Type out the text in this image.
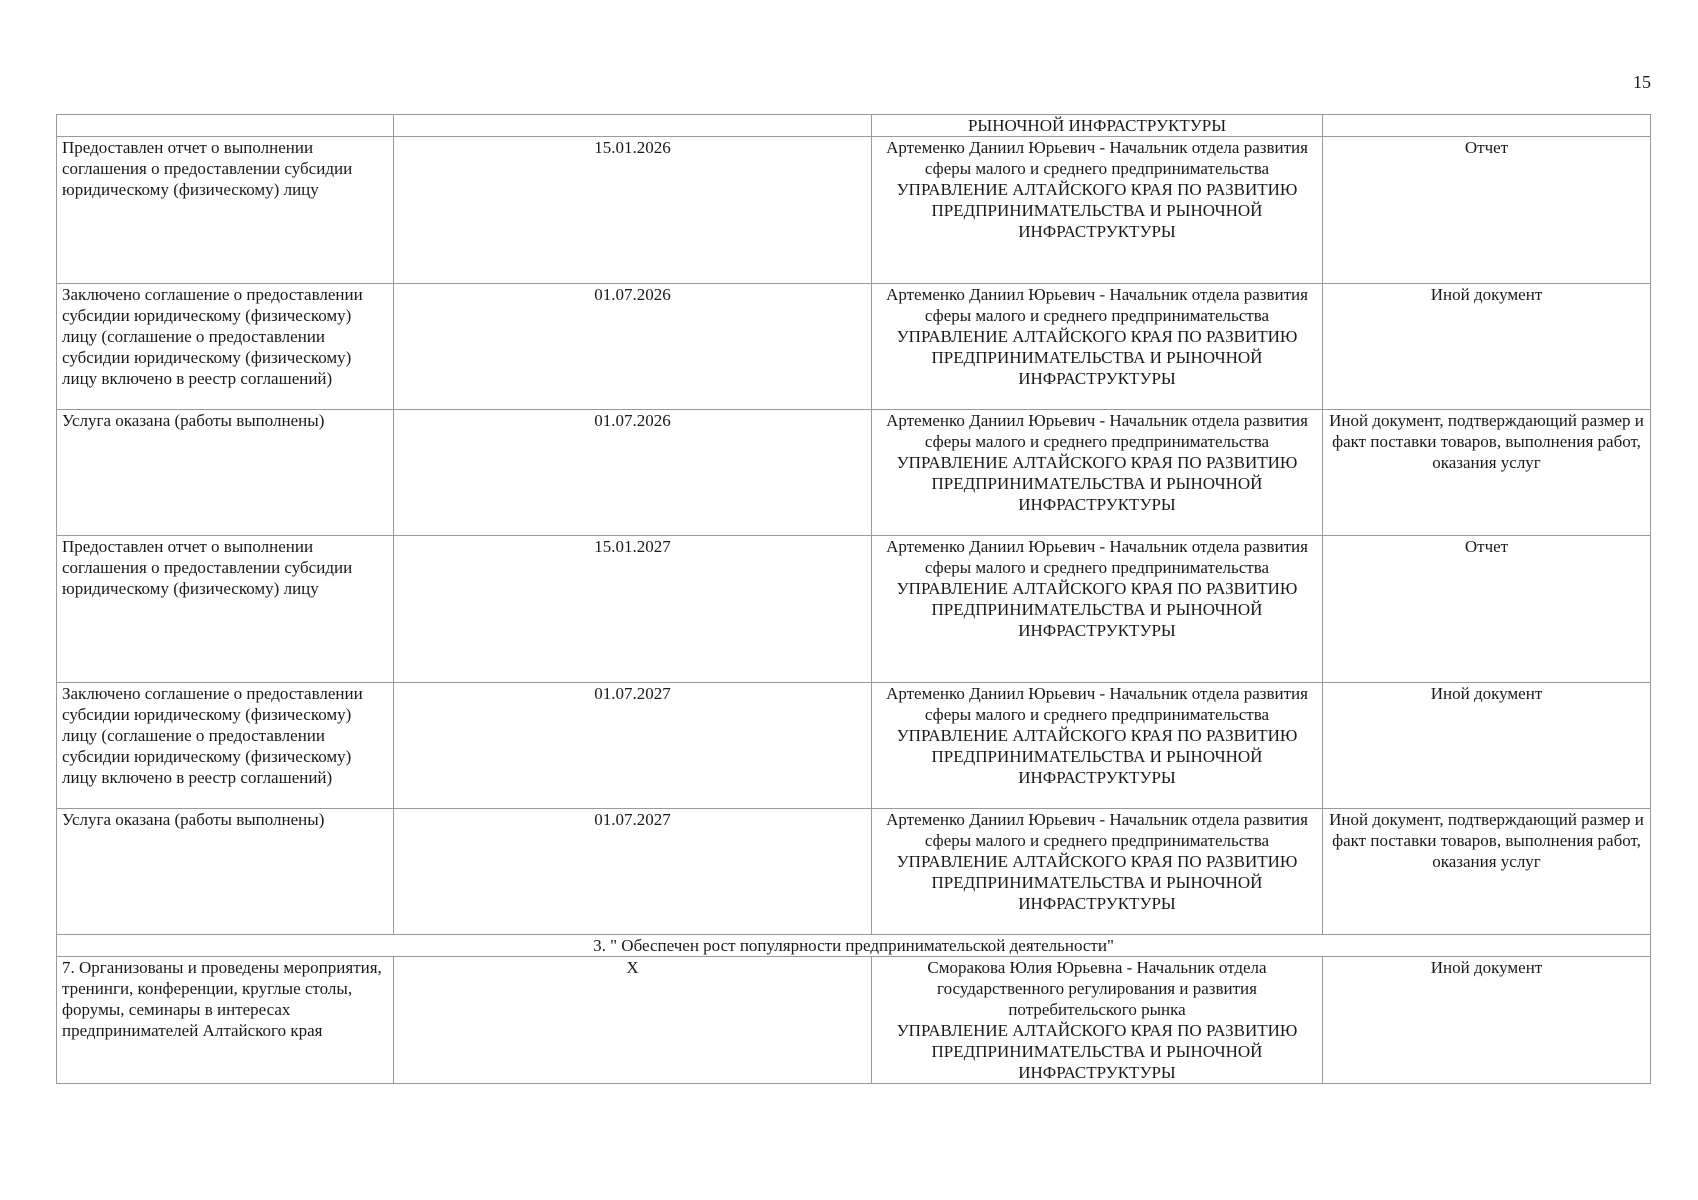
15

		РЫНОЧНОЙ ИНФРАСТРУКТУРЫ	

Предоставлен отчет о выполнении соглашения о предоставлении субсидии юридическому (физическому) лицу	15.01.2026	Артеменко Даниил Юрьевич - Начальник отдела развития сферы малого и среднего предпринимательства
УПРАВЛЕНИЕ АЛТАЙСКОГО КРАЯ ПО РАЗВИТИЮ ПРЕДПРИНИМАТЕЛЬСТВА И РЫНОЧНОЙ ИНФРАСТРУКТУРЫ	Отчет
Заключено соглашение о предоставлении субсидии юридическому (физическому) лицу (соглашение о предоставлении субсидии юридическому (физическому) лицу включено в реестр соглашений)	01.07.2026	Артеменко Даниил Юрьевич - Начальник отдела развития сферы малого и среднего предпринимательства
УПРАВЛЕНИЕ АЛТАЙСКОГО КРАЯ ПО РАЗВИТИЮ ПРЕДПРИНИМАТЕЛЬСТВА И РЫНОЧНОЙ ИНФРАСТРУКТУРЫ	Иной документ
Услуга оказана (работы выполнены)	01.07.2026	Артеменко Даниил Юрьевич - Начальник отдела развития сферы малого и среднего предпринимательства
УПРАВЛЕНИЕ АЛТАЙСКОГО КРАЯ ПО РАЗВИТИЮ ПРЕДПРИНИМАТЕЛЬСТВА И РЫНОЧНОЙ ИНФРАСТРУКТУРЫ	Иной документ, подтверждающий размер и факт поставки товаров, выполнения работ, оказания услуг
Предоставлен отчет о выполнении соглашения о предоставлении субсидии юридическому (физическому) лицу	15.01.2027	Артеменко Даниил Юрьевич - Начальник отдела развития сферы малого и среднего предпринимательства
УПРАВЛЕНИЕ АЛТАЙСКОГО КРАЯ ПО РАЗВИТИЮ ПРЕДПРИНИМАТЕЛЬСТВА И РЫНОЧНОЙ ИНФРАСТРУКТУРЫ	Отчет
Заключено соглашение о предоставлении субсидии юридическому (физическому) лицу (соглашение о предоставлении субсидии юридическому (физическому) лицу включено в реестр соглашений)	01.07.2027	Артеменко Даниил Юрьевич - Начальник отдела развития сферы малого и среднего предпринимательства
УПРАВЛЕНИЕ АЛТАЙСКОГО КРАЯ ПО РАЗВИТИЮ ПРЕДПРИНИМАТЕЛЬСТВА И РЫНОЧНОЙ ИНФРАСТРУКТУРЫ	Иной документ
Услуга оказана (работы выполнены)	01.07.2027	Артеменко Даниил Юрьевич - Начальник отдела развития сферы малого и среднего предпринимательства
УПРАВЛЕНИЕ АЛТАЙСКОГО КРАЯ ПО РАЗВИТИЮ ПРЕДПРИНИМАТЕЛЬСТВА И РЫНОЧНОЙ ИНФРАСТРУКТУРЫ	Иной документ, подтверждающий размер и факт поставки товаров, выполнения работ, оказания услуг
3. " Обеспечен рост популярности предпринимательской деятельности"			
7. Организованы и проведены мероприятия, тренинги, конференции, круглые столы, форумы, семинары в интересах предпринимателей Алтайского края	X	Сморакова Юлия Юрьевна - Начальник отдела государственного регулирования и развития потребительского рынка
УПРАВЛЕНИЕ АЛТАЙСКОГО КРАЯ ПО РАЗВИТИЮ ПРЕДПРИНИМАТЕЛЬСТВА И РЫНОЧНОЙ ИНФРАСТРУКТУРЫ	Иной документ
